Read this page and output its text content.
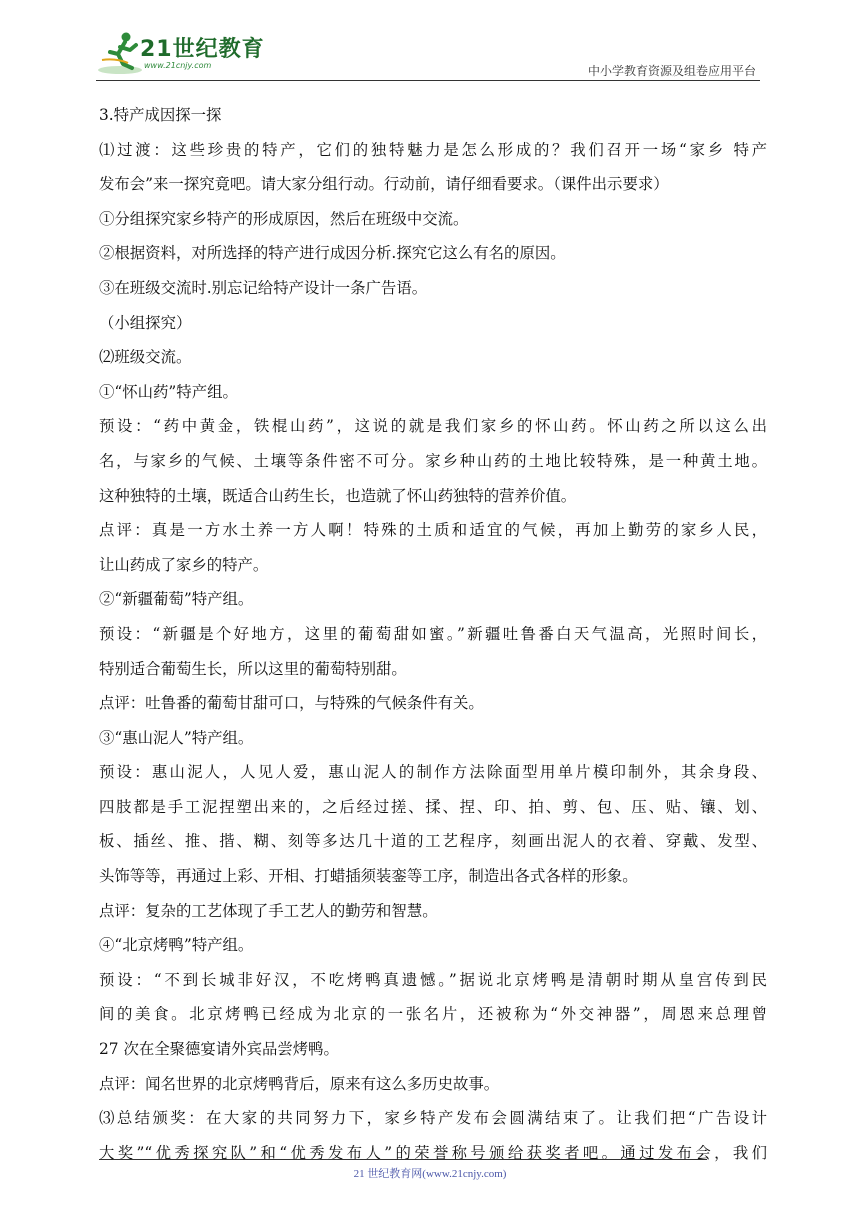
21世纪教育
www.21cnjy.com	中小学教育资源及组卷应用平台
3.特产成因探一探
⑴过渡：这些珍贵的特产，它们的独特魅力是怎么形成的？我们召开一场“家乡 特产
发布会”来一探究竟吧。请大家分组行动。行动前，请仔细看要求。（课件出示要求）
①分组探究家乡特产的形成原因，然后在班级中交流。
②根据资料，对所选择的特产进行成因分析.探究它这么有名的原因。
③在班级交流时.别忘记给特产设计一条广告语。
（小组探究）
⑵班级交流。
①“怀山药”特产组。
预设：“药中黄金，铁棍山药”，这说的就是我们家乡的怀山药。怀山药之所以这么出
名，与家乡的气候、土壤等条件密不可分。家乡种山药的土地比较特殊，是一种黄土地。
这种独特的土壤，既适合山药生长，也造就了怀山药独特的营养价值。
点评：真是一方水土养一方人啊！特殊的土质和适宜的气候，再加上勤劳的家乡人民，
让山药成了家乡的特产。
②“新疆葡萄”特产组。
预设：“新疆是个好地方，这里的葡萄甜如蜜。”新疆吐鲁番白天气温高，光照时间长，
特别适合葡萄生长，所以这里的葡萄特别甜。
点评：吐鲁番的葡萄甘甜可口，与特殊的气候条件有关。
③“惠山泥人”特产组。
预设：惠山泥人，人见人爱，惠山泥人的制作方法除面型用单片模印制外，其余身段、
四肢都是手工泥捏塑出来的，之后经过搓、揉、捏、印、拍、剪、包、压、贴、镶、划、
板、插丝、推、揩、糊、刻等多达几十道的工艺程序，刻画出泥人的衣着、穿戴、发型、
头饰等等，再通过上彩、开相、打蜡插须装銮等工序，制造出各式各样的形象。
点评：复杂的工艺体现了手工艺人的勤劳和智慧。
④“北京烤鸭”特产组。
预设：“不到长城非好汉，不吃烤鸭真遗憾。”据说北京烤鸭是清朝时期从皇宫传到民
间的美食。北京烤鸭已经成为北京的一张名片，还被称为“外交神器”，周恩来总理曾
27 次在全聚德宴请外宾品尝烤鸭。
点评：闻名世界的北京烤鸭背后，原来有这么多历史故事。
⑶总结颁奖：在大家的共同努力下，家乡特产发布会圆满结束了。让我们把“广告设计
大奖”“优秀探究队”和“优秀发布人”的荣誉称号颁给获奖者吧。通过发布会，我们
21 世纪教育网(www.21cnjy.com)
